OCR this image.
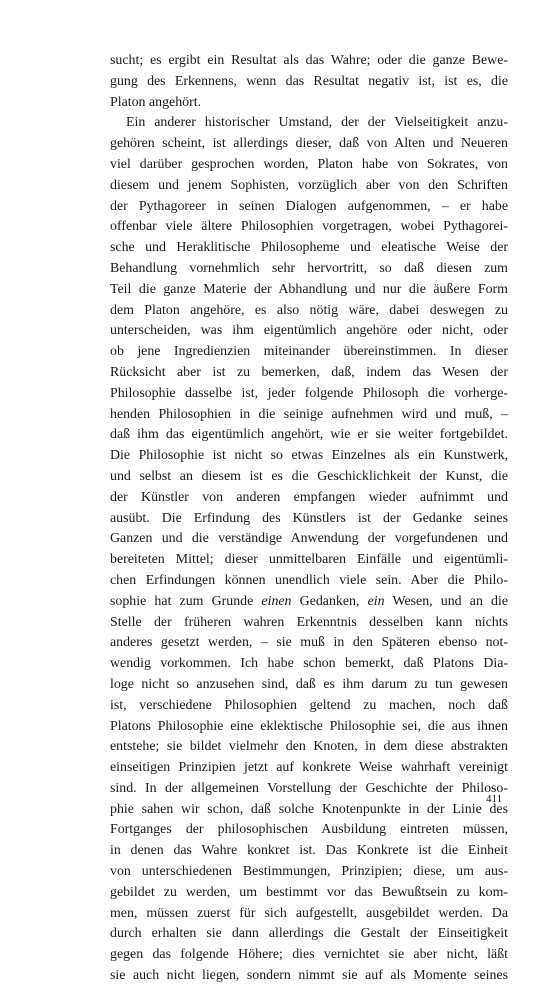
sucht; es ergibt ein Resultat als das Wahre; oder die ganze Bewe-
gung des Erkennens, wenn das Resultat negativ ist, ist es, die
Platon angehört.
Ein anderer historischer Umstand, der der Vielseitigkeit anzu-
gehören scheint, ist allerdings dieser, daß von Alten und Neueren
viel darüber gesprochen worden, Platon habe von Sokrates, von
diesem und jenem Sophisten, vorzüglich aber von den Schriften
der Pythagoreer in seinen Dialogen aufgenommen, – er habe
offenbar viele ältere Philosophien vorgetragen, wobei Pythagorei-
sche und Heraklitische Philosopheme und eleatische Weise der
Behandlung vornehmlich sehr hervortritt, so daß diesen zum
Teil die ganze Materie der Abhandlung und nur die äußere Form
dem Platon angehöre, es also nötig wäre, dabei deswegen zu
unterscheiden, was ihm eigentümlich angehöre oder nicht, oder
ob jene Ingredienzien miteinander übereinstimmen. In dieser
Rücksicht aber ist zu bemerken, daß, indem das Wesen der
Philosophie dasselbe ist, jeder folgende Philosoph die vorherge-
henden Philosophien in die seinige aufnehmen wird und muß, –
daß ihm das eigentümlich angehört, wie er sie weiter fortgebildet.
Die Philosophie ist nicht so etwas Einzelnes als ein Kunstwerk,
und selbst an diesem ist es die Geschicklichkeit der Kunst, die
der Künstler von anderen empfangen wieder aufnimmt und
ausübt. Die Erfindung des Künstlers ist der Gedanke seines
Ganzen und die verständige Anwendung der vorgefundenen und
bereiteten Mittel; dieser unmittelbaren Einfälle und eigentümli-
chen Erfindungen können unendlich viele sein. Aber die Philo-
sophie hat zum Grunde einen Gedanken, ein Wesen, und an die
Stelle der früheren wahren Erkenntnis desselben kann nichts
anderes gesetzt werden, – sie muß in den Späteren ebenso not-
wendig vorkommen. Ich habe schon bemerkt, daß Platons Dia-
loge nicht so anzusehen sind, daß es ihm darum zu tun gewesen
ist, verschiedene Philosophien geltend zu machen, noch daß
Platons Philosophie eine eklektische Philosophie sei, die aus ihnen
entstehe; sie bildet vielmehr den Knoten, in dem diese abstrakten
einseitigen Prinzipien jetzt auf konkrete Weise wahrhaft vereinigt
sind. In der allgemeinen Vorstellung der Geschichte der Philoso-
phie sahen wir schon, daß solche Knotenpunkte in der Linie des
Fortganges der philosophischen Ausbildung eintreten müssen,
in denen das Wahre konkret ist. Das Konkrete ist die Einheit
von unterschiedenen Bestimmungen, Prinzipien; diese, um aus-
gebildet zu werden, um bestimmt vor das Bewußtsein zu kom-
men, müssen zuerst für sich aufgestellt, ausgebildet werden. Da
durch erhalten sie dann allerdings die Gestalt der Einseitigkeit
gegen das folgende Höhere; dies vernichtet sie aber nicht, läßt
sie auch nicht liegen, sondern nimmt sie auf als Momente seines
411
